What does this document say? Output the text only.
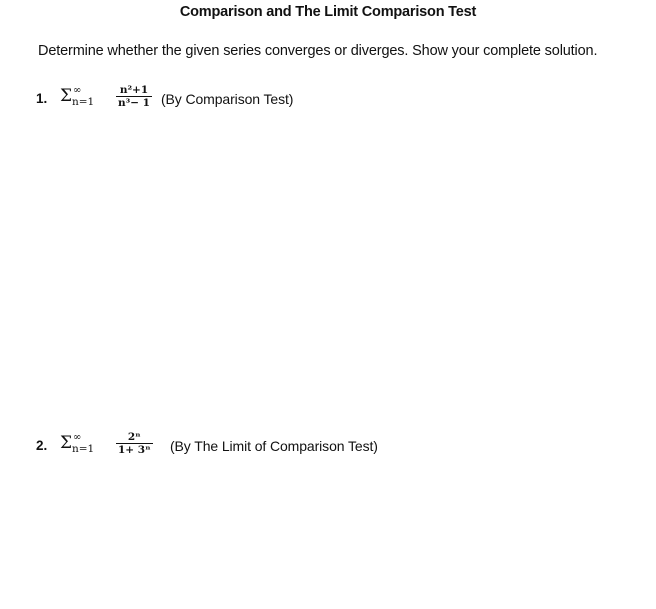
Comparison and The Limit Comparison Test
Determine whether the given series converges or diverges. Show your complete solution.
1. Σ ∞
$n=1 \frac{\text{n²+1}}{\text{n³− 1}} (By$ Comparison Test)
2. Σ ∞
$n=1 \frac{\text{2ⁿ}}{\text{1+ 3ⁿ}} (By$ The Limit of Comparison Test)
